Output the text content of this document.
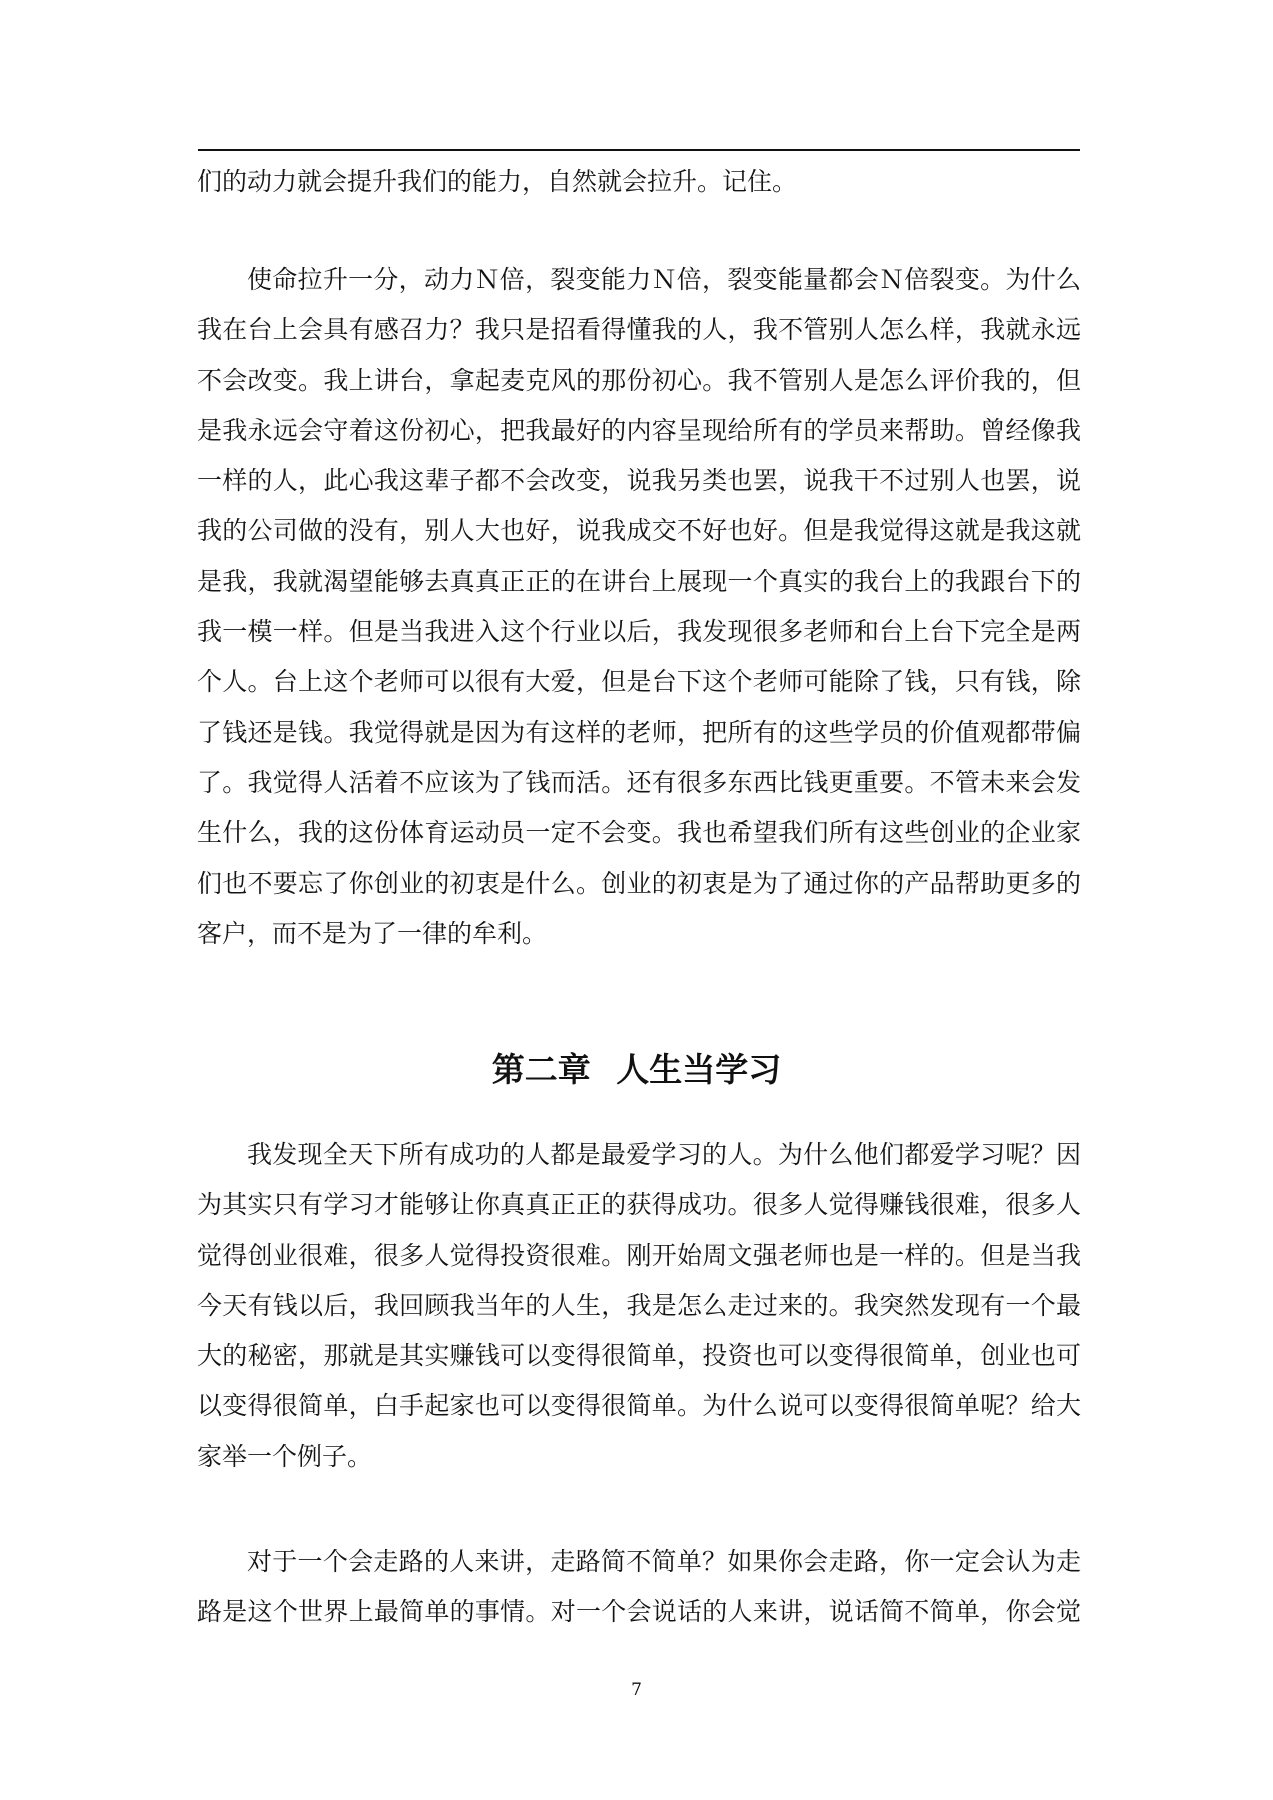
们的动力就会提升我们的能力，自然就会拉升。记住。
使命拉升一分，动力Ｎ倍，裂变能力Ｎ倍，裂变能量都会Ｎ倍裂变。为什么
我在台上会具有感召力？我只是招看得懂我的人，我不管别人怎么样，我就永远
不会改变。我上讲台，拿起麦克风的那份初心。我不管别人是怎么评价我的，但
是我永远会守着这份初心，把我最好的内容呈现给所有的学员来帮助。曾经像我
一样的人，此心我这辈子都不会改变，说我另类也罢，说我干不过别人也罢，说
我的公司做的没有，别人大也好，说我成交不好也好。但是我觉得这就是我这就
是我，我就渴望能够去真真正正的在讲台上展现一个真实的我台上的我跟台下的
我一模一样。但是当我进入这个行业以后，我发现很多老师和台上台下完全是两
个人。台上这个老师可以很有大爱，但是台下这个老师可能除了钱，只有钱，除
了钱还是钱。我觉得就是因为有这样的老师，把所有的这些学员的价值观都带偏
了。我觉得人活着不应该为了钱而活。还有很多东西比钱更重要。不管未来会发
生什么，我的这份体育运动员一定不会变。我也希望我们所有这些创业的企业家
们也不要忘了你创业的初衷是什么。创业的初衷是为了通过你的产品帮助更多的
客户，而不是为了一律的牟利。
第二章 人生当学习
我发现全天下所有成功的人都是最爱学习的人。为什么他们都爱学习呢？因
为其实只有学习才能够让你真真正正的获得成功。很多人觉得赚钱很难，很多人
觉得创业很难，很多人觉得投资很难。刚开始周文强老师也是一样的。但是当我
今天有钱以后，我回顾我当年的人生，我是怎么走过来的。我突然发现有一个最
大的秘密，那就是其实赚钱可以变得很简单，投资也可以变得很简单，创业也可
以变得很简单，白手起家也可以变得很简单。为什么说可以变得很简单呢？给大
家举一个例子。
对于一个会走路的人来讲，走路简不简单？如果你会走路，你一定会认为走
路是这个世界上最简单的事情。对一个会说话的人来讲，说话简不简单，你会觉
7
